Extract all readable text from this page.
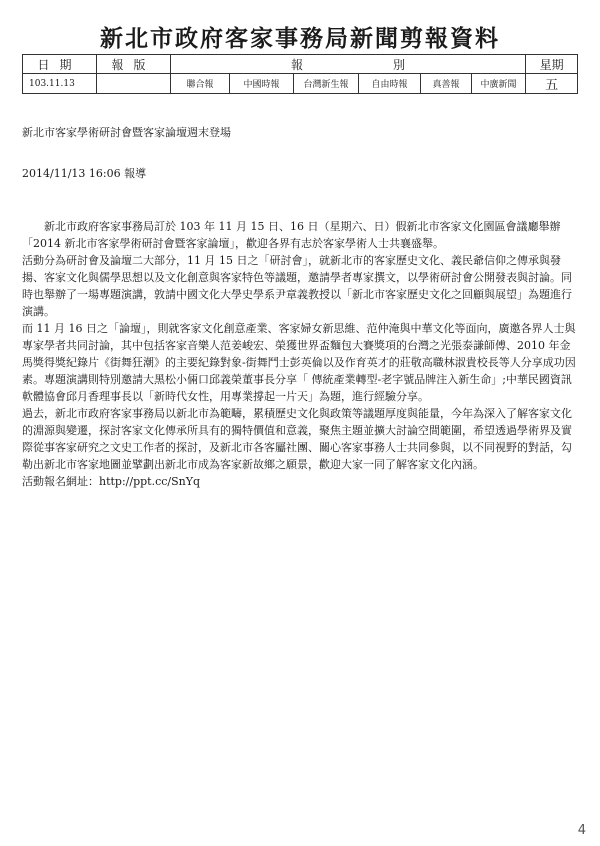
新北市政府客家事務局新聞剪報資料
日期	報版	報別						星期
103.11.13		聯合報	中國時報	台灣新生報	自由時報	真善報	中廣新聞	五

新北市客家學術研討會暨客家論壇週末登場

2014/11/13 16:06 報導

新北市政府客家事務局訂於 103 年 11 月 15 日、16 日（星期六、日）假新北市客家文化園區會議廳舉辦「2014 新北市客家學術研討會暨客家論壇」，歡迎各界有志於客家學術人士共襄盛舉。

活動分為研討會及論壇二大部分，11 月 15 日之「研討會」，就新北市的客家歷史文化、義民爺信仰之傳承與發揚、客家文化與儒學思想以及文化創意與客家特色等議題，邀請學者專家撰文，以學術研討會公開發表與討論。同時也舉辦了一場專題演講，敦請中國文化大學史學系尹章義教授以「新北市客家歷史文化之回顧與展望」為題進行演講。

而 11 月 16 日之「論壇」，則就客家文化創意產業、客家婦女新思維、范仲淹與中華文化等面向，廣邀各界人士與專家學者共同討論，其中包括客家音樂人范姜峻宏、榮獲世界盃麵包大賽獎項的台灣之光張泰謙師傅、2010 年金馬獎得獎紀錄片《街舞狂潮》的主要紀錄對象-街舞鬥士彭英倫以及作育英才的莊敬高職林淑貴校長等人分享成功因素。專題演講則特別邀請大黑松小倆口邱義榮董事長分享「 傳統產業轉型-老字號品牌注入新生命」;中華民國資訊軟體協會邱月香理事長以「新時代女性，用專業撐起一片天」為題，進行經驗分享。

過去，新北市政府客家事務局以新北市為範疇，累積歷史文化與政策等議題厚度與能量，今年為深入了解客家文化的淵源與變遷，探討客家文化傳承所具有的獨特價值和意義，聚焦主題並擴大討論空間範圍，希望透過學術界及實際從事客家研究之文史工作者的探討，及新北市各客屬社團、關心客家事務人士共同參與，以不同視野的對話，勾勒出新北市客家地圖並擘劃出新北市成為客家新故鄉之願景，歡迎大家一同了解客家文化內涵。

活動報名網址：http://ppt.cc/SnYq

4
